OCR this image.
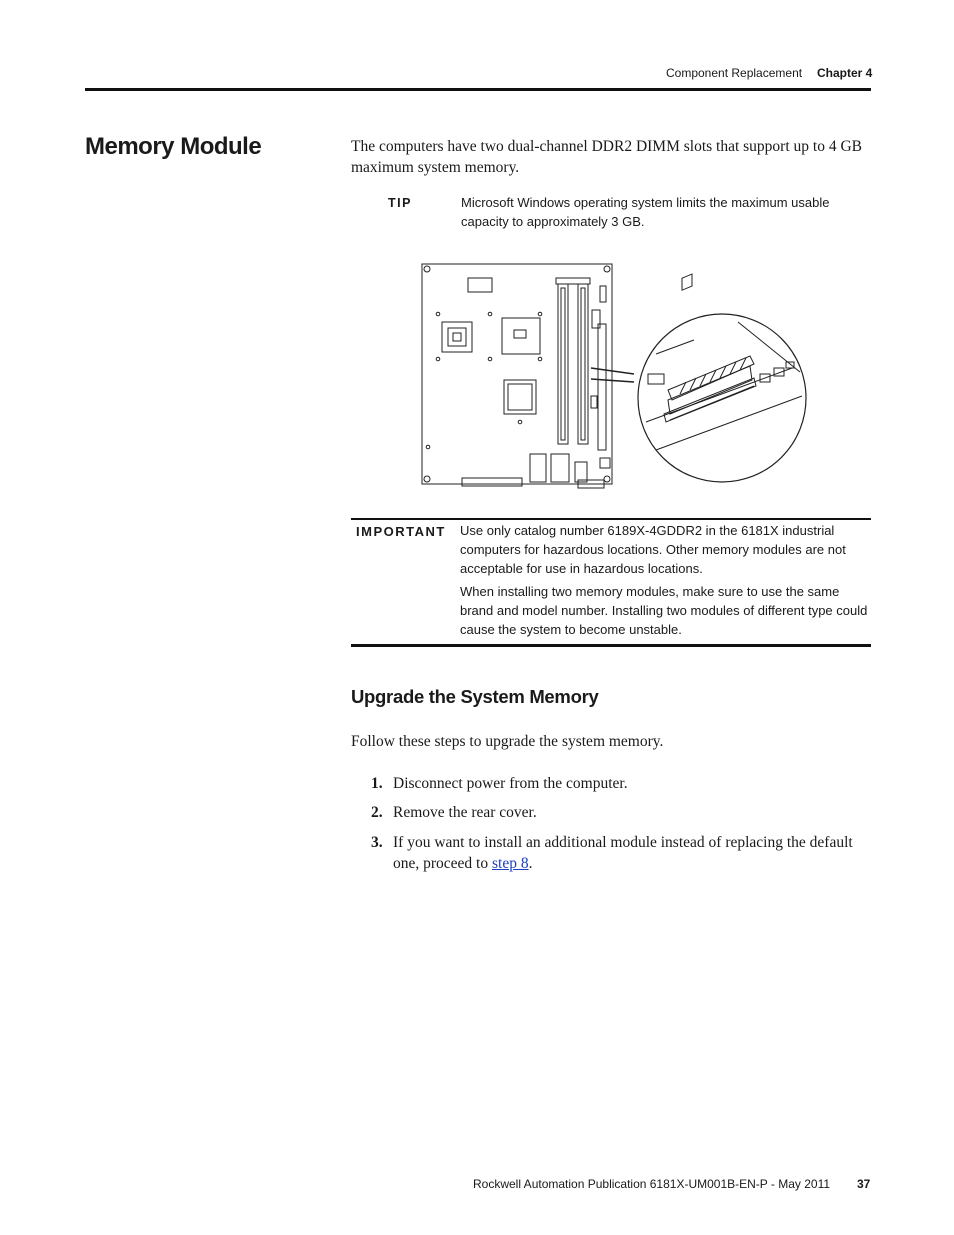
Component Replacement Chapter 4
Memory Module	The computers have two dual-channel DDR2 DIMM slots that support up to 4 GB maximum system memory.

TIP	Microsoft Windows operating system limits the maximum usable capacity to approximately 3 GB.

IMPORTANT Use only catalog number 6189X-4GDDR2 in the 6181X industrial computers for hazardous locations. Other memory modules are not acceptable for use in hazardous locations.

When installing two memory modules, make sure to use the same brand and model number. Installing two modules of different type could cause the system to become unstable.

Upgrade the System Memory

Follow these steps to upgrade the system memory.

1. Disconnect power from the computer.
2. Remove the rear cover.
3. If you want to install an additional module instead of replacing the default one, proceed to step 8.
Rockwell Automation Publication 6181X-UM001B-EN-P - May 2011 37
